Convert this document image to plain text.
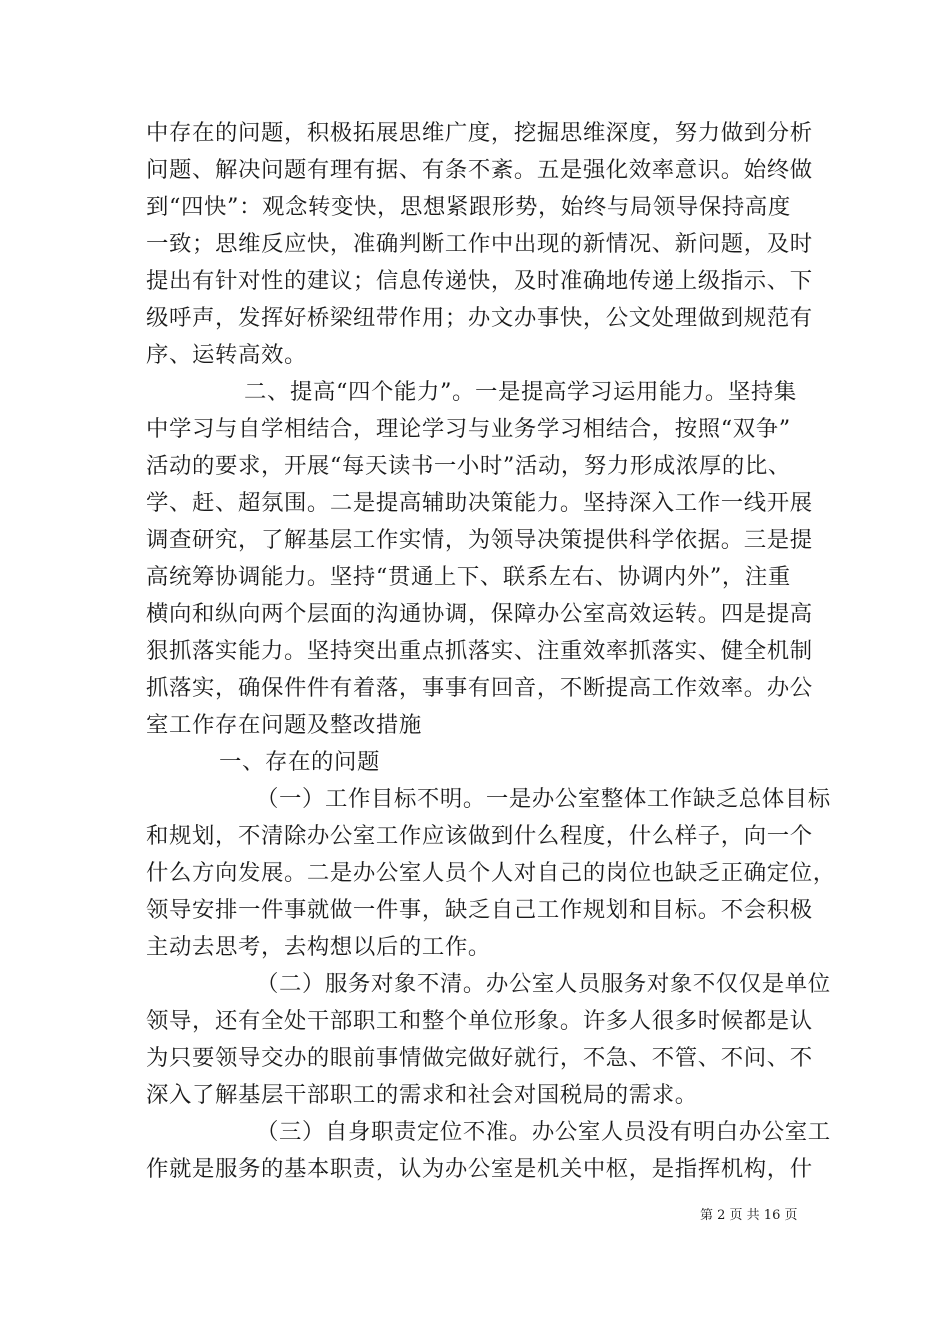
中存在的问题，积极拓展思维广度，挖掘思维深度，努力做到分析
问题、解决问题有理有据、有条不紊。五是强化效率意识。始终做
到“四快”：观念转变快，思想紧跟形势，始终与局领导保持高度
一致；思维反应快，准确判断工作中出现的新情况、新问题，及时
提出有针对性的建议；信息传递快，及时准确地传递上级指示、下
级呼声，发挥好桥梁纽带作用；办文办事快，公文处理做到规范有
序、运转高效。

二、提高“四个能力”。一是提高学习运用能力。坚持集
中学习与自学相结合，理论学习与业务学习相结合，按照“双争”
活动的要求，开展“每天读书一小时”活动，努力形成浓厚的比、
学、赶、超氛围。二是提高辅助决策能力。坚持深入工作一线开展
调查研究，了解基层工作实情，为领导决策提供科学依据。三是提
高统筹协调能力。坚持“贯通上下、联系左右、协调内外”，注重
横向和纵向两个层面的沟通协调，保障办公室高效运转。四是提高
狠抓落实能力。坚持突出重点抓落实、注重效率抓落实、健全机制
抓落实，确保件件有着落，事事有回音，不断提高工作效率。办公
室工作存在问题及整改措施

一、存在的问题

（一）工作目标不明。一是办公室整体工作缺乏总体目标
和规划，不清除办公室工作应该做到什么程度，什么样子，向一个
什么方向发展。二是办公室人员个人对自己的岗位也缺乏正确定位，
领导安排一件事就做一件事，缺乏自己工作规划和目标。不会积极
主动去思考，去构想以后的工作。

（二）服务对象不清。办公室人员服务对象不仅仅是单位
领导，还有全处干部职工和整个单位形象。许多人很多时候都是认
为只要领导交办的眼前事情做完做好就行，不急、不管、不问、不
深入了解基层干部职工的需求和社会对国税局的需求。

（三）自身职责定位不准。办公室人员没有明白办公室工
作就是服务的基本职责，认为办公室是机关中枢，是指挥机构，什

第 2 页 共 16 页
